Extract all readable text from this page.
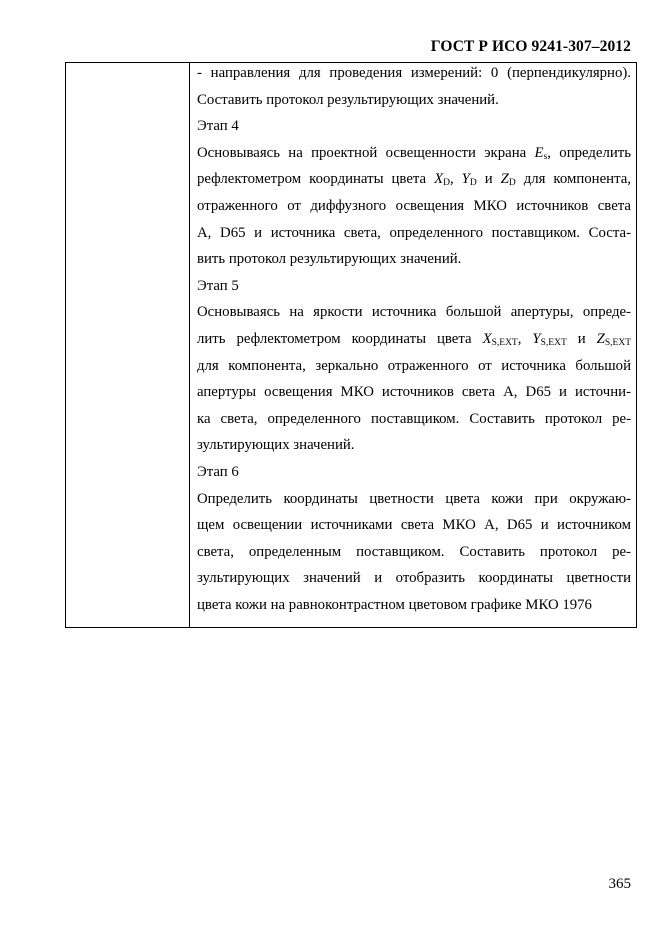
ГОСТ Р ИСО 9241-307–2012
- направления для проведения измерений: 0 (перпендикулярно).
Составить протокол результирующих значений.
Этап 4
Основываясь на проектной освещенности экрана $E_s$, определить
рефлектометром координаты цвета $X_D$, $Y_D$ и $Z_D$ для компонента,
отраженного от диффузного освещения МКО источников света
А, D65 и источника света, определенного поставщиком. Соста-
вить протокол результирующих значений.
Этап 5
Основываясь на яркости источника большой апертуры, опреде-
лить рефлектометром координаты цвета $X_{S,EXT}$, $Y_{S,EXT}$ и $Z_{S,EXT}$
для компонента, зеркально отраженного от источника большой
апертуры освещения МКО источников света А, D65 и источни-
ка света, определенного поставщиком. Составить протокол ре-
зультирующих значений.
Этап 6
Определить координаты цветности цвета кожи при окружаю-
щем освещении источниками света МКО А, D65 и источником
света, определенным поставщиком. Составить протокол ре-
зультирующих значений и отобразить координаты цветности
цвета кожи на равноконтрастном цветовом графике МКО 1976
365
